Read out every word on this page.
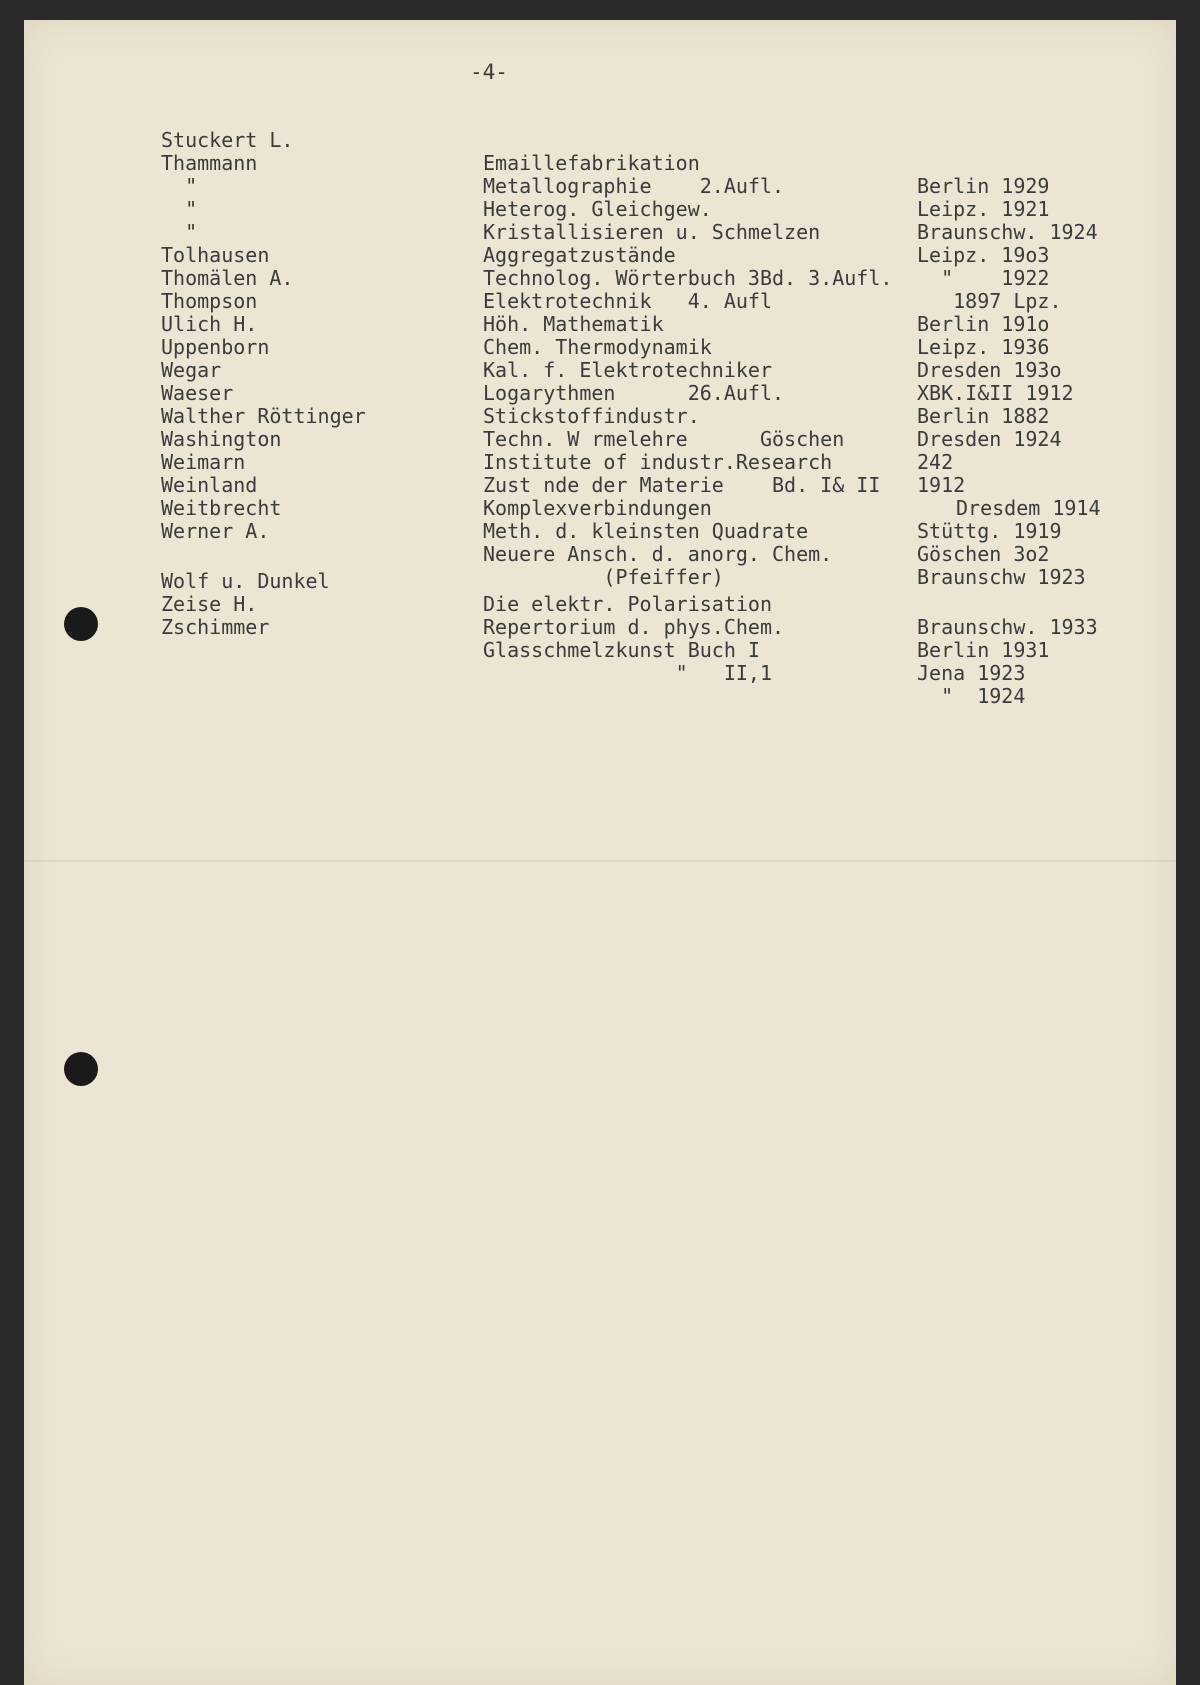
-4-

Stuckert L.

Emaillefabrikation

Berlin 1929

Thammann

Metallographie    2.Aufl.

Leipz. 1921

"

Heterog. Gleichgew.

Braunschw. 1924

"

Kristallisieren u. Schmelzen

Leipz. 19o3

"

Aggregatzustände

"    1922

Tolhausen

Technolog. Wörterbuch 3Bd. 3.Aufl.

1897 Lpz.

Thomälen A.

Elektrotechnik   4. Aufl

Berlin 191o

Thompson

Höh. Mathematik

Leipz. 1936

Ulich H.

Chem. Thermodynamik

Dresden 193o

Uppenborn

Kal. f. Elektrotechniker

XBK.I&II 1912

Wegar

Logarythmen      26.Aufl.

Berlin 1882

Waeser

Stickstoffindustr.

Dresden 1924

Walther Röttinger

Techn. W rmelehre      Göschen

242

Washington

Institute of industr.Research

1912

Weimarn

Zust nde der Materie    Bd. I& II

Dresdem 1914

Weinland

Komplexverbindungen

Stüttg. 1919

Weitbrecht

Meth. d. kleinsten Quadrate

Göschen 3o2

Werner A.

Neuere Ansch. d. anorg. Chem.

Braunschw 1923

(Pfeiffer)

Wolf u. Dunkel

Die elektr. Polarisation

Braunschw. 1933

Zeise H.

Repertorium d. phys.Chem.

Berlin 1931

Zschimmer

Glasschmelzkunst Buch I

Jena 1923

"   II,1

"  1924
